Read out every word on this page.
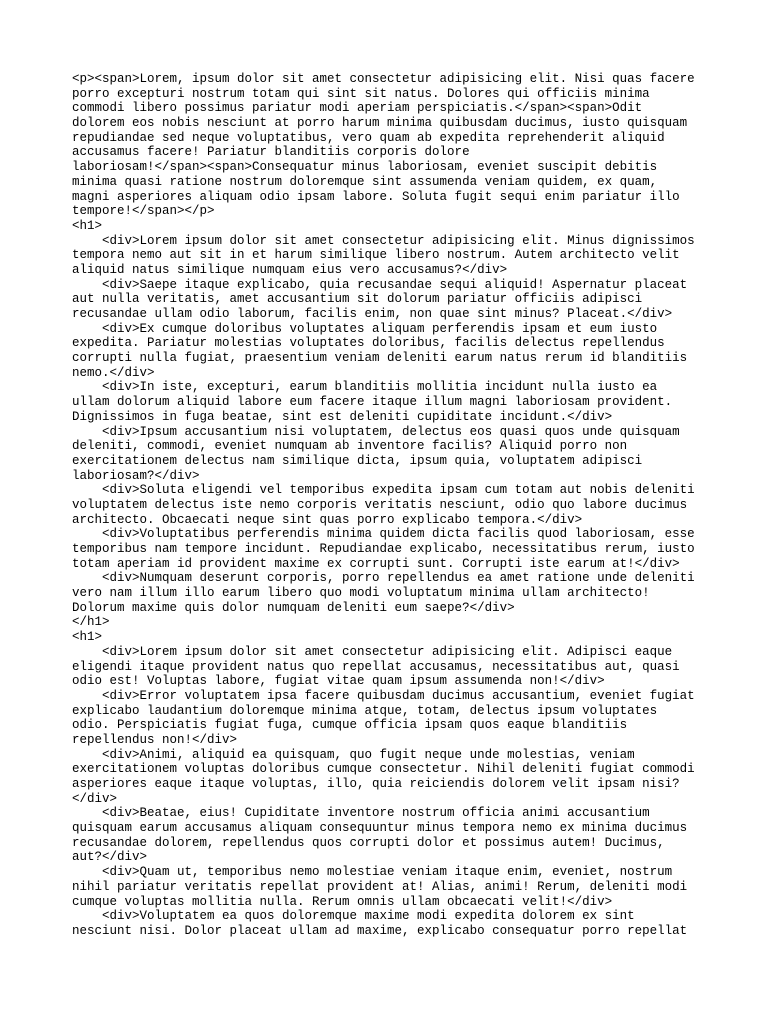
<p><span>Lorem, ipsum dolor sit amet consectetur adipisicing elit. Nisi quas facere
porro excepturi nostrum totam qui sint sit natus. Dolores qui officiis minima
commodi libero possimus pariatur modi aperiam perspiciatis.</span><span>Odit
dolorem eos nobis nesciunt at porro harum minima quibusdam ducimus, iusto quisquam
repudiandae sed neque voluptatibus, vero quam ab expedita reprehenderit aliquid
accusamus facere! Pariatur blanditiis corporis dolore
laboriosam!</span><span>Consequatur minus laboriosam, eveniet suscipit debitis
minima quasi ratione nostrum doloremque sint assumenda veniam quidem, ex quam,
magni asperiores aliquam odio ipsam labore. Soluta fugit sequi enim pariatur illo
tempore!</span></p>
<h1>
<div>Lorem ipsum dolor sit amet consectetur adipisicing elit. Minus dignissimos
tempora nemo aut sit in et harum similique libero nostrum. Autem architecto velit
aliquid natus similique numquam eius vero accusamus?</div>
<div>Saepe itaque explicabo, quia recusandae sequi aliquid! Aspernatur placeat
aut nulla veritatis, amet accusantium sit dolorum pariatur officiis adipisci
recusandae ullam odio laborum, facilis enim, non quae sint minus? Placeat.</div>
<div>Ex cumque doloribus voluptates aliquam perferendis ipsam et eum iusto
expedita. Pariatur molestias voluptates doloribus, facilis delectus repellendus
corrupti nulla fugiat, praesentium veniam deleniti earum natus rerum id blanditiis
nemo.</div>
<div>In iste, excepturi, earum blanditiis mollitia incidunt nulla iusto ea
ullam dolorum aliquid labore eum facere itaque illum magni laboriosam provident.
Dignissimos in fuga beatae, sint est deleniti cupiditate incidunt.</div>
<div>Ipsum accusantium nisi voluptatem, delectus eos quasi quos unde quisquam
deleniti, commodi, eveniet numquam ab inventore facilis? Aliquid porro non
exercitationem delectus nam similique dicta, ipsum quia, voluptatem adipisci
laboriosam?</div>
<div>Soluta eligendi vel temporibus expedita ipsam cum totam aut nobis deleniti
voluptatem delectus iste nemo corporis veritatis nesciunt, odio quo labore ducimus
architecto. Obcaecati neque sint quas porro explicabo tempora.</div>
<div>Voluptatibus perferendis minima quidem dicta facilis quod laboriosam, esse
temporibus nam tempore incidunt. Repudiandae explicabo, necessitatibus rerum, iusto
totam aperiam id provident maxime ex corrupti sunt. Corrupti iste earum at!</div>
<div>Numquam deserunt corporis, porro repellendus ea amet ratione unde deleniti
vero nam illum illo earum libero quo modi voluptatum minima ullam architecto!
Dolorum maxime quis dolor numquam deleniti eum saepe?</div>
</h1>
<h1>
<div>Lorem ipsum dolor sit amet consectetur adipisicing elit. Adipisci eaque
eligendi itaque provident natus quo repellat accusamus, necessitatibus aut, quasi
odio est! Voluptas labore, fugiat vitae quam ipsum assumenda non!</div>
<div>Error voluptatem ipsa facere quibusdam ducimus accusantium, eveniet fugiat
explicabo laudantium doloremque minima atque, totam, delectus ipsum voluptates
odio. Perspiciatis fugiat fuga, cumque officia ipsam quos eaque blanditiis
repellendus non!</div>
<div>Animi, aliquid ea quisquam, quo fugit neque unde molestias, veniam
exercitationem voluptas doloribus cumque consectetur. Nihil deleniti fugiat commodi
asperiores eaque itaque voluptas, illo, quia reiciendis dolorem velit ipsam nisi?
</div>
<div>Beatae, eius! Cupiditate inventore nostrum officia animi accusantium
quisquam earum accusamus aliquam consequuntur minus tempora nemo ex minima ducimus
recusandae dolorem, repellendus quos corrupti dolor et possimus autem! Ducimus,
aut?</div>
<div>Quam ut, temporibus nemo molestiae veniam itaque enim, eveniet, nostrum
nihil pariatur veritatis repellat provident at! Alias, animi! Rerum, deleniti modi
cumque voluptas mollitia nulla. Rerum omnis ullam obcaecati velit!</div>
<div>Voluptatem ea quos doloremque maxime modi expedita dolorem ex sint
nesciunt nisi. Dolor placeat ullam ad maxime, explicabo consequatur porro repellat
